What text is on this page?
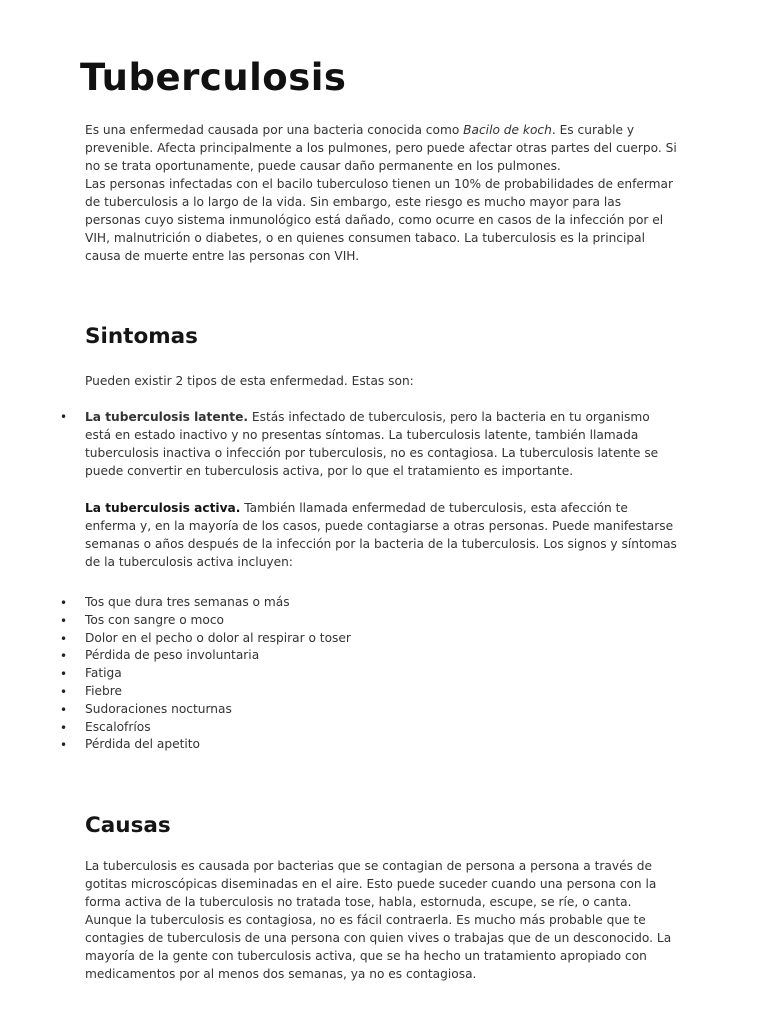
Tuberculosis

Es una enfermedad causada por una bacteria conocida como Bacilo de koch. Es curable y prevenible. Afecta principalmente a los pulmones, pero puede afectar otras partes del cuerpo. Si no se trata oportunamente, puede causar daño permanente en los pulmones.

Las personas infectadas con el bacilo tuberculoso tienen un 10% de probabilidades de enfermar de tuberculosis a lo largo de la vida. Sin embargo, este riesgo es mucho mayor para las personas cuyo sistema inmunológico está dañado, como ocurre en casos de la infección por el VIH, malnutrición o diabetes, o en quienes consumen tabaco. La tuberculosis es la principal causa de muerte entre las personas con VIH.

Sintomas
Pueden existir 2 tipos de esta enfermedad. Estas son:
• La tuberculosis latente. Estás infectado de tuberculosis, pero la bacteria en tu organismo está en estado inactivo y no presentas síntomas. La tuberculosis latente, también llamada tuberculosis inactiva o infección por tuberculosis, no es contagiosa. La tuberculosis latente se puede convertir en tuberculosis activa, por lo que el tratamiento es importante.
La tuberculosis activa. También llamada enfermedad de tuberculosis, esta afección te enferma y, en la mayoría de los casos, puede contagiarse a otras personas. Puede manifestarse semanas o años después de la infección por la bacteria de la tuberculosis. Los signos y síntomas de la tuberculosis activa incluyen:
• Tos que dura tres semanas o más
• Tos con sangre o moco
• Dolor en el pecho o dolor al respirar o toser
• Pérdida de peso involuntaria
• Fatiga
• Fiebre
• Sudoraciones nocturnas
• Escalofríos
• Pérdida del apetito
Causas

La tuberculosis es causada por bacterias que se contagian de persona a persona a través de gotitas microscópicas diseminadas en el aire. Esto puede suceder cuando una persona con la forma activa de la tuberculosis no tratada tose, habla, estornuda, escupe, se ríe, o canta.

Aunque la tuberculosis es contagiosa, no es fácil contraerla. Es mucho más probable que te contagies de tuberculosis de una persona con quien vives o trabajas que de un desconocido. La mayoría de la gente con tuberculosis activa, que se ha hecho un tratamiento apropiado con medicamentos por al menos dos semanas, ya no es contagiosa.
